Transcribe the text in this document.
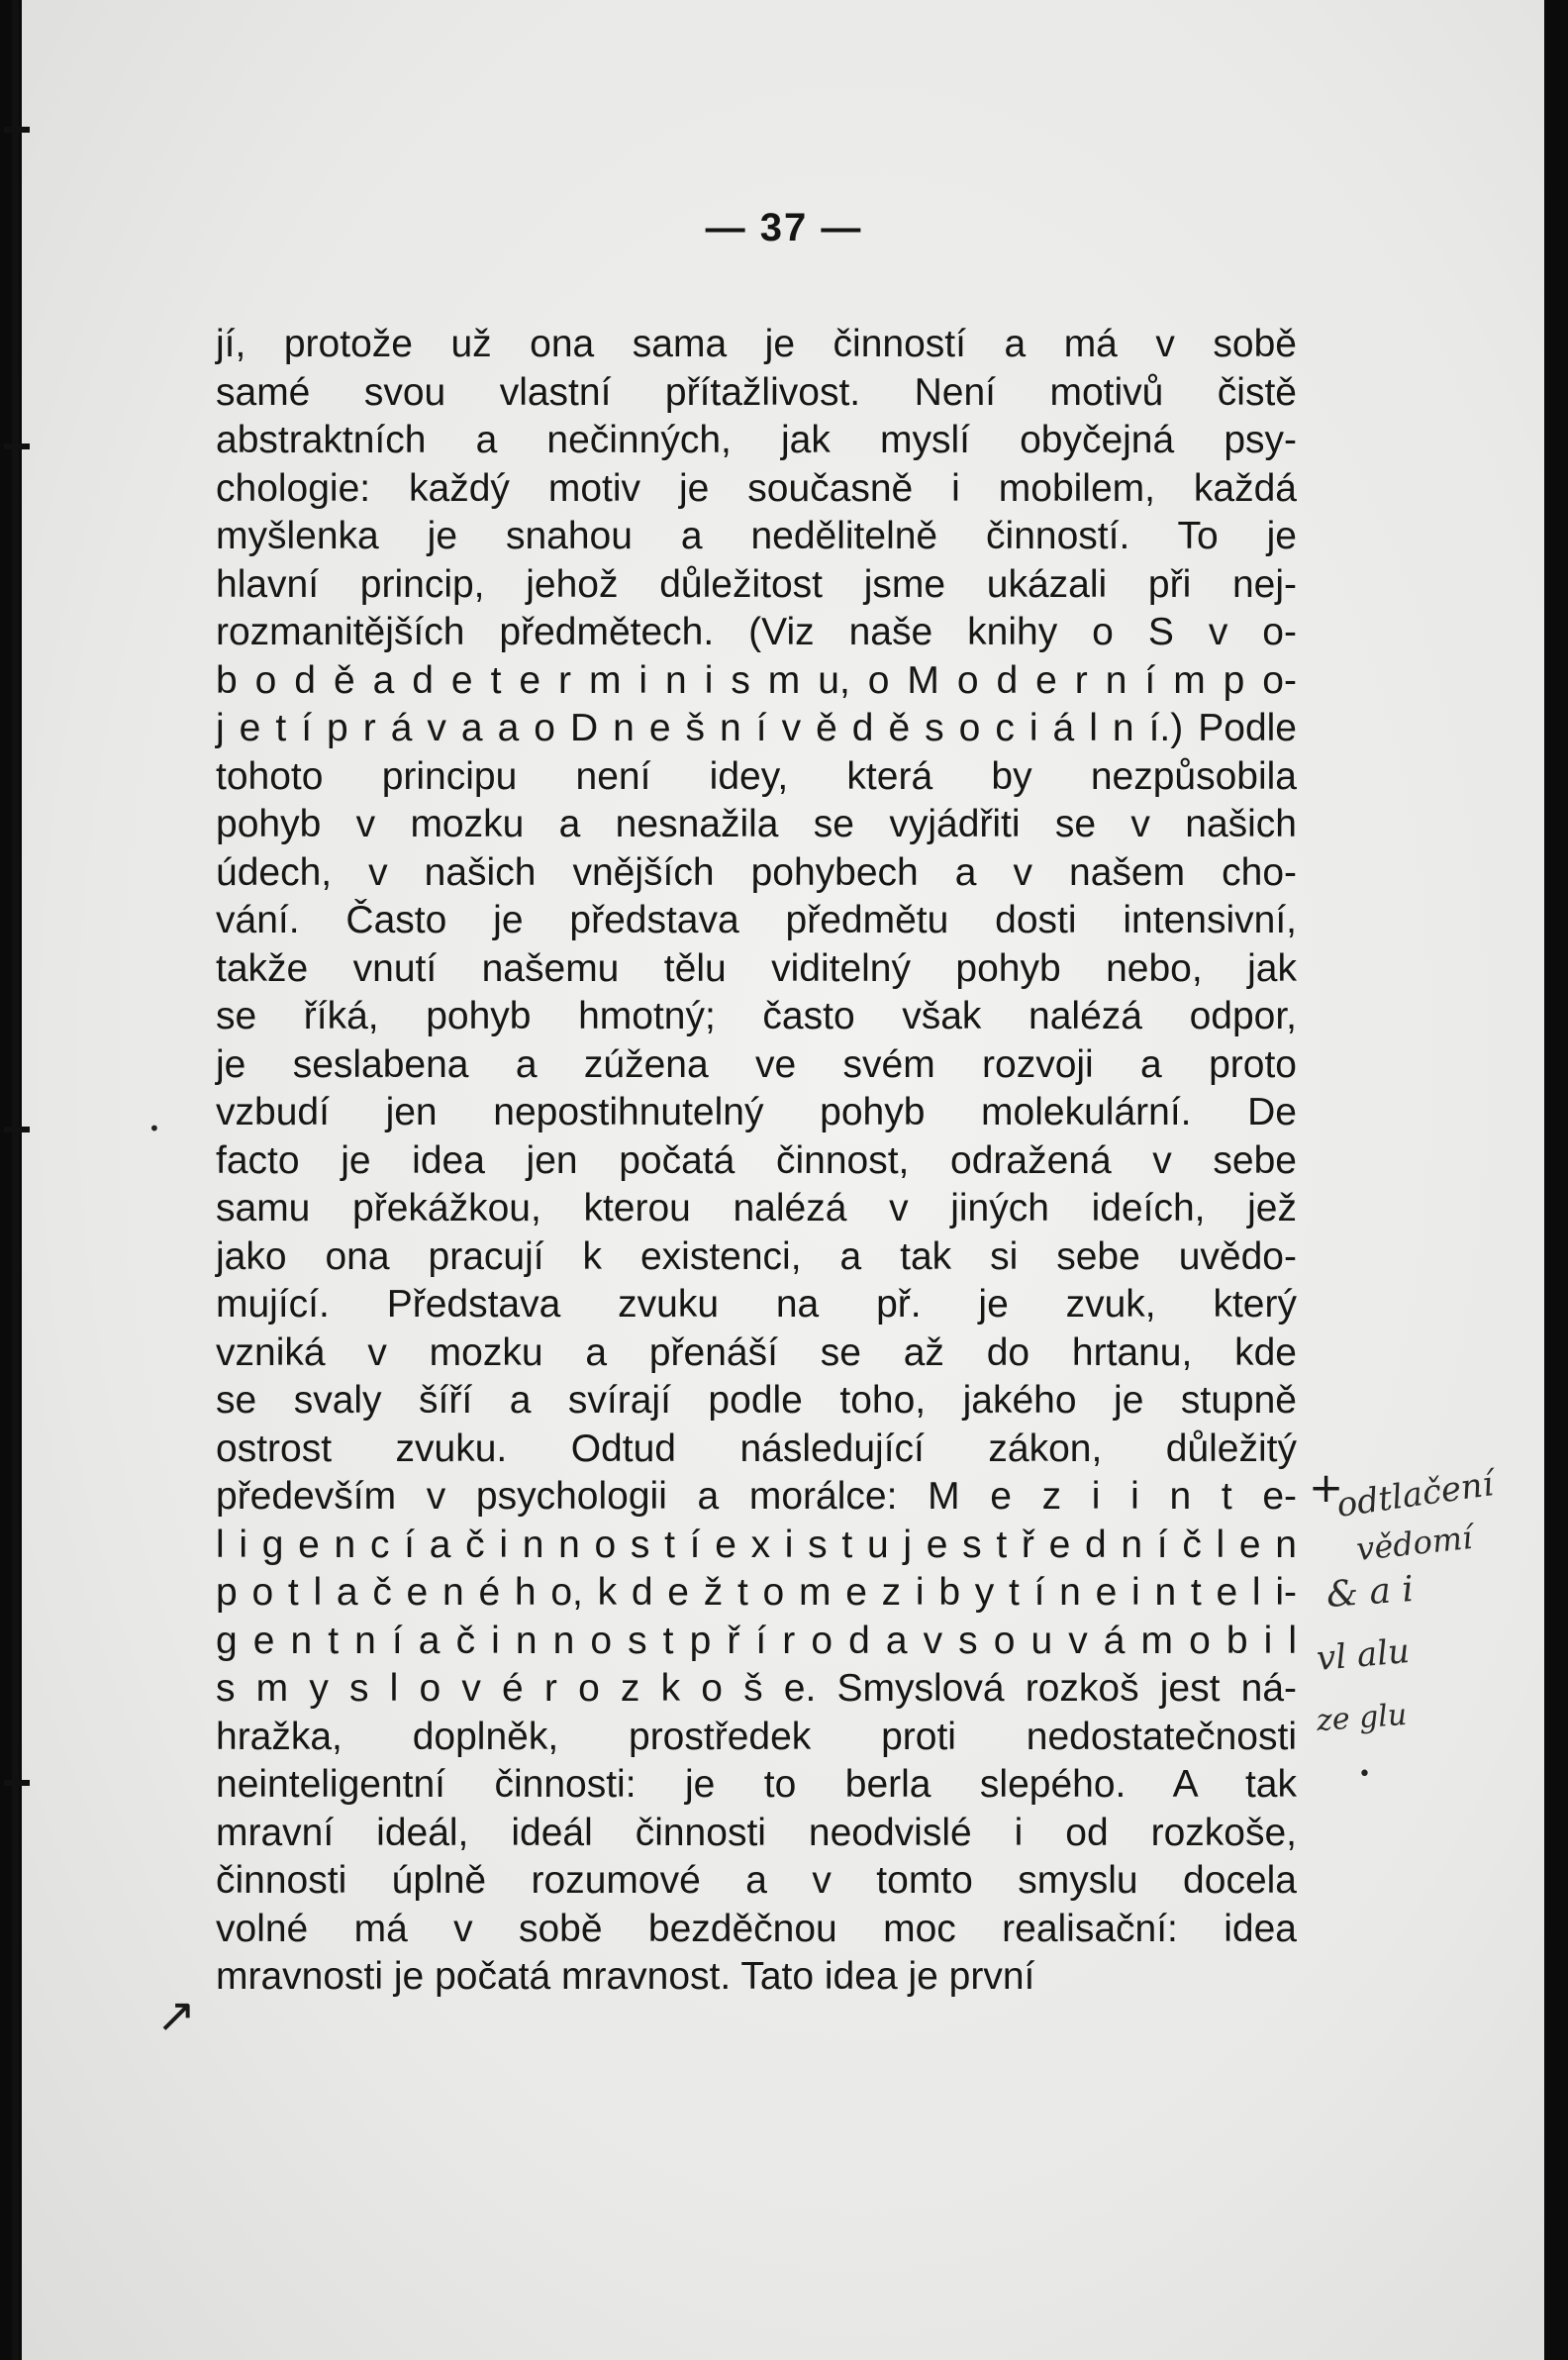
— 37 —
jí, protože už ona sama je činností a má v sobě
samé svou vlastní přítažlivost. Není motivů čistě
abstraktních a nečinných, jak myslí obyčejná psy-
chologie: každý motiv je současně i mobilem, každá
myšlenka je snahou a nedělitelně činností. To je
hlavní princip, jehož důležitost jsme ukázali při nej-
rozmanitějších předmětech. (Viz naše knihy o S v o-
b o d ě a d e t e r m i n i s m u, o M o d e r n í m p o-
j e t í p r á v a a o D n e š n í v ě d ě s o c i á l n í.) Podle
tohoto principu není idey, která by nezpůsobila
pohyb v mozku a nesnažila se vyjádřiti se v našich
údech, v našich vnějších pohybech a v našem cho-
vání. Často je představa předmětu dosti intensivní,
takže vnutí našemu tělu viditelný pohyb nebo, jak
se říká, pohyb hmotný; často však nalézá odpor,
je seslabena a zúžena ve svém rozvoji a proto
vzbudí jen nepostihnutelný pohyb molekulární. De
facto je idea jen počatá činnost, odražená v sebe
samu překážkou, kterou nalézá v jiných ideích, jež
jako ona pracují k existenci, a tak si sebe uvědo-
mující. Představa zvuku na př. je zvuk, který
vzniká v mozku a přenáší se až do hrtanu, kde
se svaly šíří a svírají podle toho, jakého je stupně
ostrost zvuku. Odtud následující zákon, důležitý
především v psychologii a morálce: M e z i i n t e-
l i g e n c í a č i n n o s t í e x i s t u j e s t ř e d n í č l e n
p o t l a č e n é h o, k d e ž t o m e z i b y t í n e i n t e l i-
g e n t n í a č i n n o s t p ř í r o d a v s o u v á m o b i l
s m y s l o v é r o z k o š e. Smyslová rozkoš jest ná-
hražka, doplněk, prostředek proti nedostatečnosti
neinteligentní činnosti: je to berla slepého. A tak
mravní ideál, ideál činnosti neodvislé i od rozkoše,
činnosti úplně rozumové a v tomto smyslu docela
volné má v sobě bezděčnou moc realisační: idea
mravnosti je počatá mravnost. Tato idea je první
+
↗
odtlačení
vědomí
& a i
vl alu
ze glu
•
•
